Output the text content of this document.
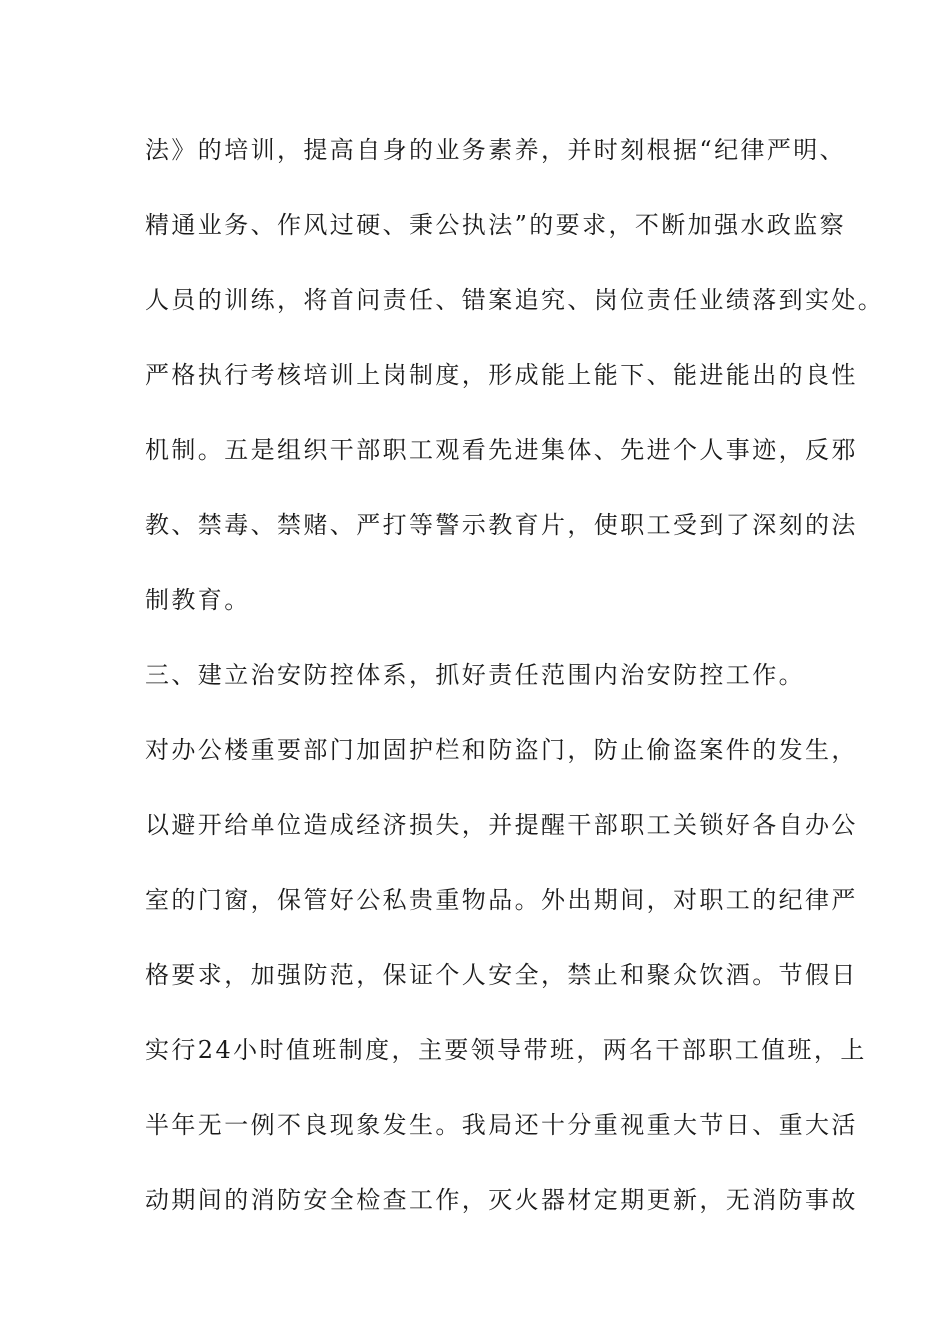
法》的培训，提高自身的业务素养，并时刻根据“纪律严明、
精通业务、作风过硬、秉公执法”的要求，不断加强水政监察
人员的训练，将首问责任、错案追究、岗位责任业绩落到实处。
严格执行考核培训上岗制度，形成能上能下、能进能出的良性
机制。五是组织干部职工观看先进集体、先进个人事迹，反邪
教、禁毒、禁赌、严打等警示教育片，使职工受到了深刻的法
制教育。
三、建立治安防控体系，抓好责任范围内治安防控工作。
对办公楼重要部门加固护栏和防盗门，防止偷盗案件的发生，
以避开给单位造成经济损失，并提醒干部职工关锁好各自办公
室的门窗，保管好公私贵重物品。外出期间，对职工的纪律严
格要求，加强防范，保证个人安全，禁止和聚众饮酒。节假日
实行24小时值班制度，主要领导带班，两名干部职工值班，上
半年无一例不良现象发生。我局还十分重视重大节日、重大活
动期间的消防安全检查工作，灭火器材定期更新，无消防事故
